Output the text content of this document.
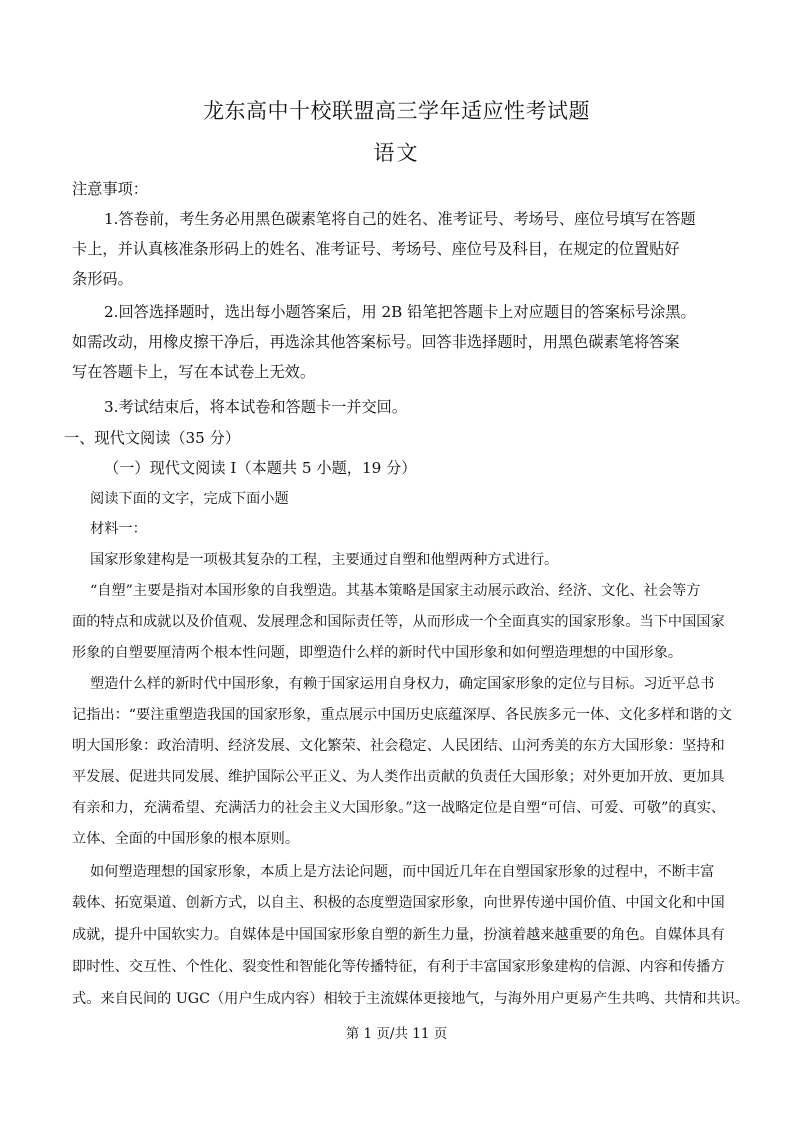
龙东高中十校联盟高三学年适应性考试题
语文
注意事项：
1.答卷前，考生务必用黑色碳素笔将自己的姓名、准考证号、考场号、座位号填写在答题
卡上，并认真核准条形码上的姓名、准考证号、考场号、座位号及科目，在规定的位置贴好
条形码。
2.回答选择题时，选出每小题答案后，用 2B 铅笔把答题卡上对应题目的答案标号涂黑。
如需改动，用橡皮擦干净后，再选涂其他答案标号。回答非选择题时，用黑色碳素笔将答案
写在答题卡上，写在本试卷上无效。
3.考试结束后，将本试卷和答题卡一并交回。
一、现代文阅读（35 分）
（一）现代文阅读 I（本题共 5 小题，19 分）
阅读下面的文字，完成下面小题
材料一：
国家形象建构是一项极其复杂的工程，主要通过自塑和他塑两种方式进行。
“自塑”主要是指对本国形象的自我塑造。其基本策略是国家主动展示政治、经济、文化、社会等方
面的特点和成就以及价值观、发展理念和国际责任等，从而形成一个全面真实的国家形象。当下中国国家
形象的自塑要厘清两个根本性问题，即塑造什么样的新时代中国形象和如何塑造理想的中国形象。
塑造什么样的新时代中国形象，有赖于国家运用自身权力，确定国家形象的定位与目标。习近平总书
记指出：“要注重塑造我国的国家形象，重点展示中国历史底蕴深厚、各民族多元一体、文化多样和谐的文
明大国形象：政治清明、经济发展、文化繁荣、社会稳定、人民团结、山河秀美的东方大国形象：坚持和
平发展、促进共同发展、维护国际公平正义、为人类作出贡献的负责任大国形象；对外更加开放、更加具
有亲和力，充满希望、充满活力的社会主义大国形象。”这一战略定位是自塑“可信、可爱、可敬”的真实、
立体、全面的中国形象的根本原则。
如何塑造理想的国家形象，本质上是方法论问题，而中国近几年在自塑国家形象的过程中，不断丰富
载体、拓宽渠道、创新方式，以自主、积极的态度塑造国家形象，向世界传递中国价值、中国文化和中国
成就，提升中国软实力。自媒体是中国国家形象自塑的新生力量，扮演着越来越重要的角色。自媒体具有
即时性、交互性、个性化、裂变性和智能化等传播特征，有利于丰富国家形象建构的信源、内容和传播方
式。来自民间的 UGC（用户生成内容）相较于主流媒体更接地气，与海外用户更易产生共鸣、共情和共识。
第 1 页/共 11 页
